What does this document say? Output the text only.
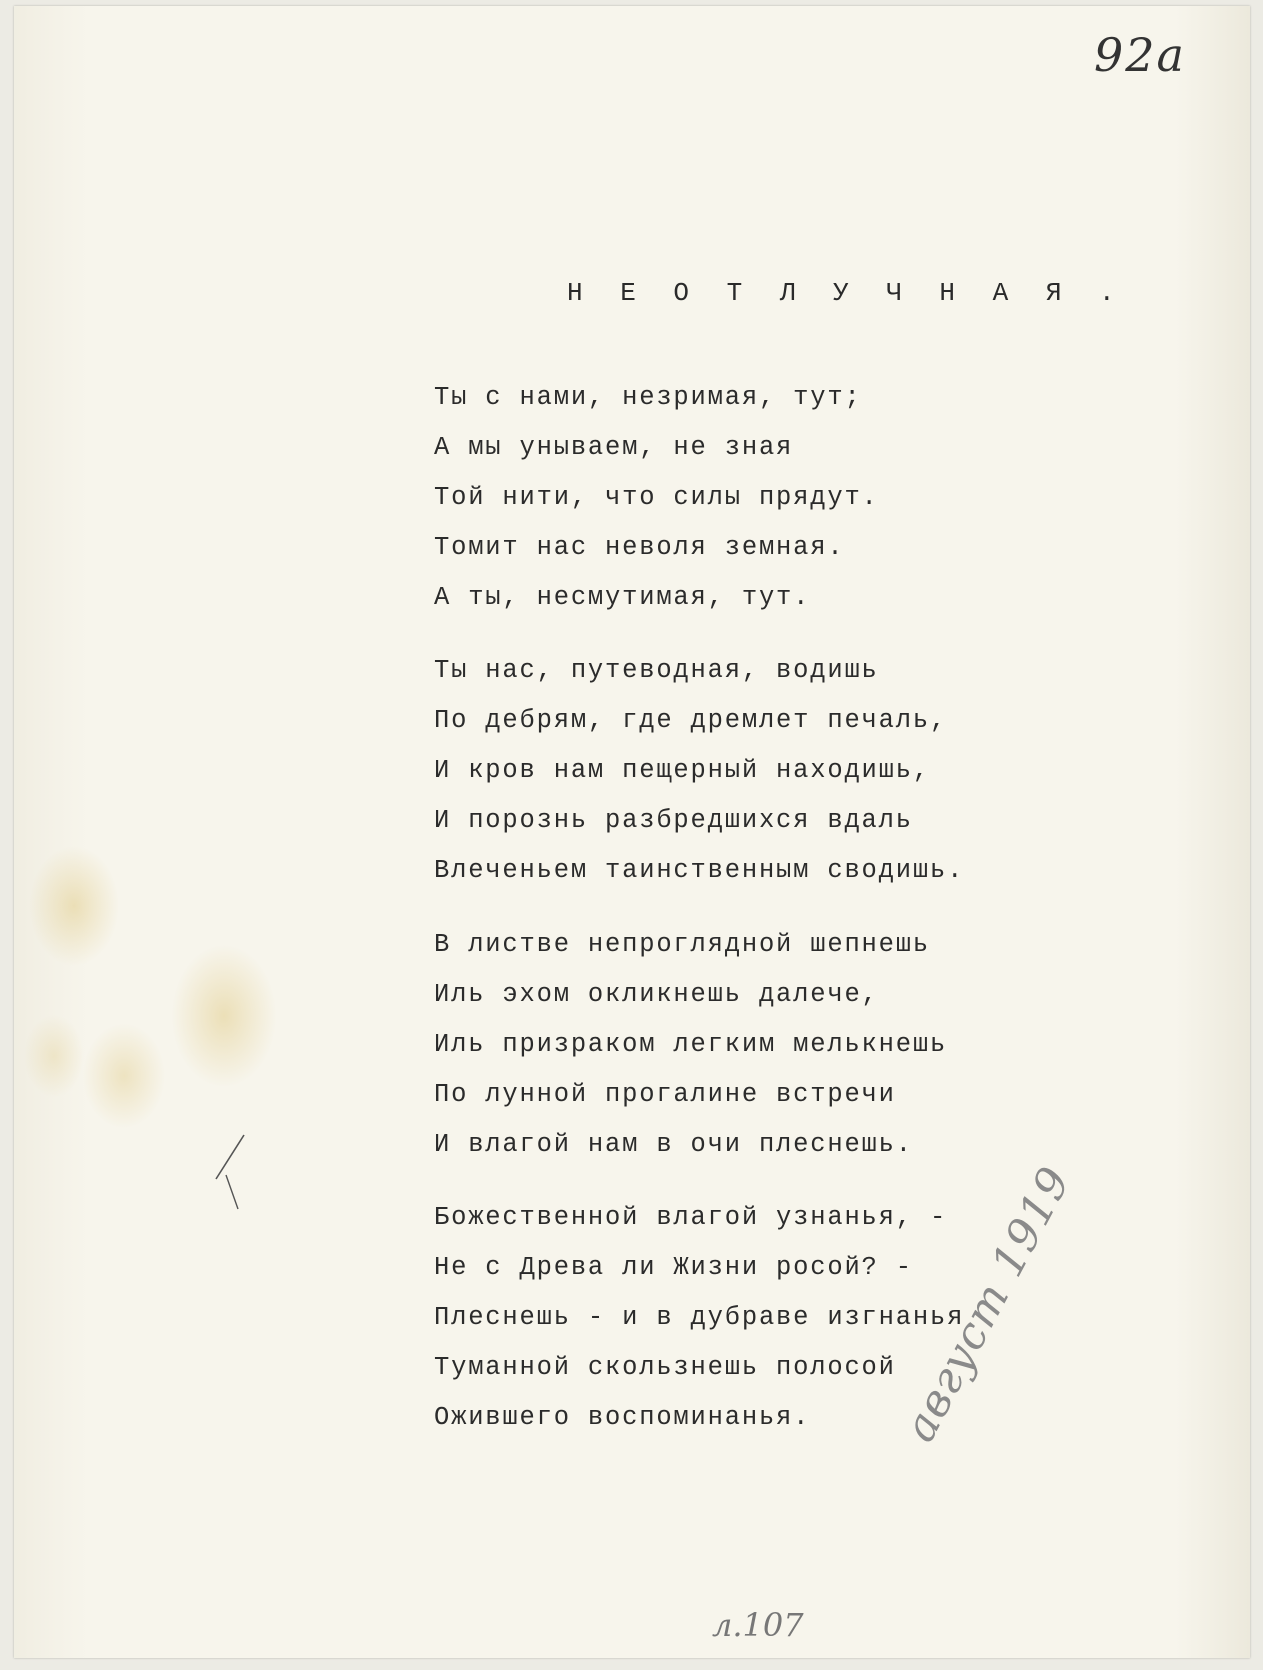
92а
Н Е О Т Л У Ч Н А Я .
Ты с нами, незримая, тут;
А мы унываем, не зная
Той нити, что силы прядут.
Томит нас неволя земная.
А ты, несмутимая, тут.
Ты нас, путеводная, водишь
По дебрям, где дремлет печаль,
И кров нам пещерный находишь,
И порознь разбредшихся вдаль
Влеченьем таинственным сводишь.
В листве непроглядной шепнешь
Иль эхом окликнешь далече,
Иль призраком легким мелькнешь
По лунной прогалине встречи
И влагой нам в очи плеснешь.
Божественной влагой узнанья, -
Не с Древа ли Жизни росой? -
Плеснешь - и в дубраве изгнанья
Туманной скользнешь полосой
Ожившего воспоминанья.	август 1919
л.107
